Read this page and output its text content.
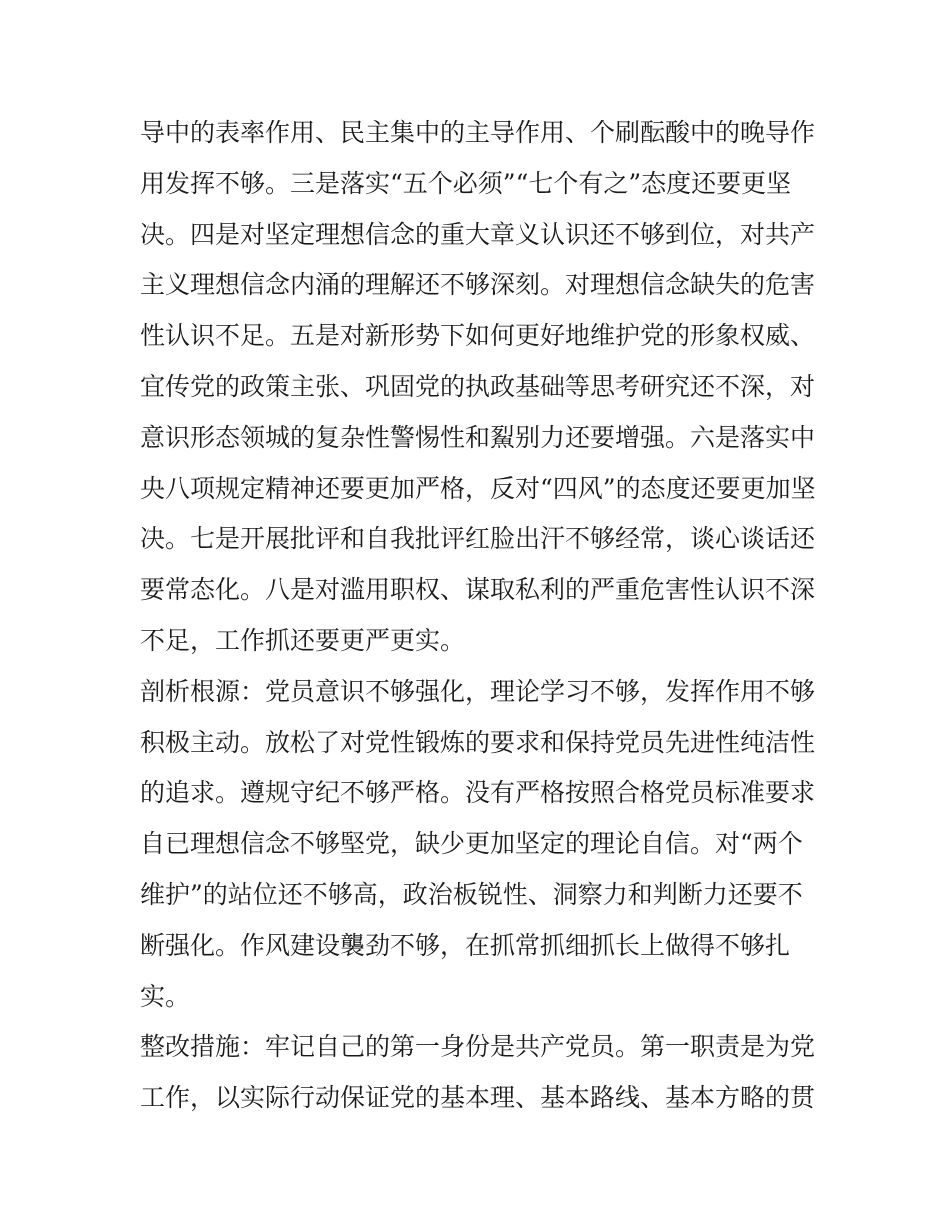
导中的表率作用、民主集中的主导作用、个刷酝酸中的晚导作
用发挥不够。三是落实“五个必须”“七个有之”态度还要更坚
决。四是对坚定理想信念的重大章义认识还不够到位，对共产
主义理想信念内涌的理解还不够深刻。对理想信念缺失的危害
性认识不足。五是对新形势下如何更好地维护党的形象权威、
宜传党的政策主张、巩固党的执政基础等思考研究还不深，对
意识形态领城的复杂性警惕性和鮤别力还要增强。六是落实中
央八项规定精神还要更加严格，反对“四风”的态度还要更加坚
决。七是开展批评和自我批评红脸出汗不够经常，谈心谈话还
要常态化。八是对滥用职权、谋取私利的严重危害性认识不深
不足，工作抓还要更严更实。
剖析根源：党员意识不够强化，理论学习不够，发挥作用不够
积极主动。放松了对党性锻炼的要求和保持党员先进性纯洁性
的追求。遵规守纪不够严格。没有严格按照合格党员标准要求
自已理想信念不够堅党，缺少更加坚定的理论自信。对“两个
维护”的站位还不够高，政治板锐性、洞察力和判断力还要不
断强化。作风建设襲劲不够，在抓常抓细抓长上做得不够扎
实。
整改措施：牢记自己的第一身份是共产党员。第一职责是为党
工作，以实际行动保证党的基本理、基本路线、基本方略的贯
